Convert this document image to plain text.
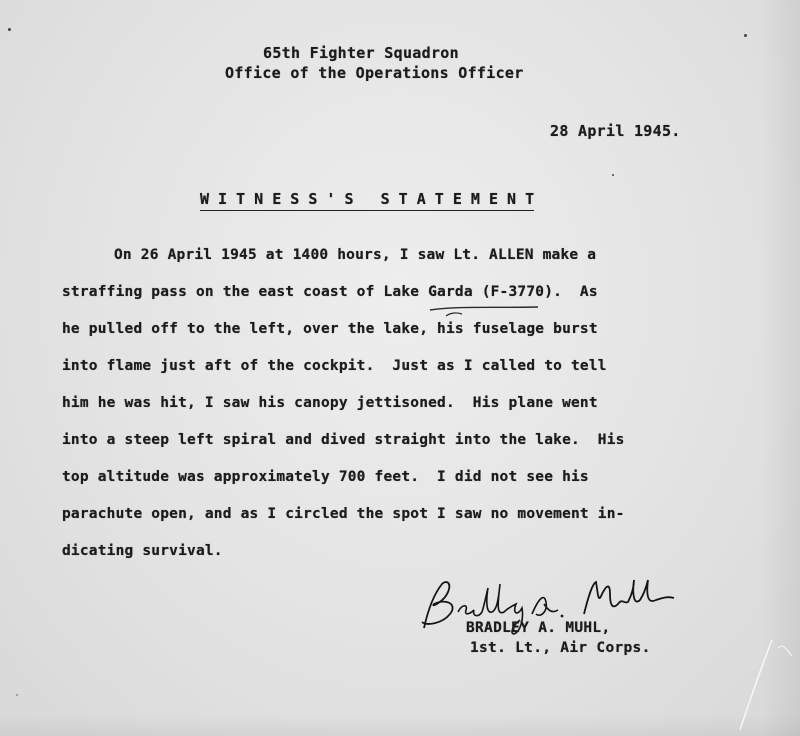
65th Fighter Squadron
Office of the Operations Officer
28 April 1945.
W I T N E S S ' S   S T A T E M E N T
On 26 April 1945 at 1400 hours, I saw Lt. ALLEN make a
straffing pass on the east coast of Lake Garda (F-3770).  As
he pulled off to the left, over the lake, his fuselage burst
into flame just aft of the cockpit.  Just as I called to tell
him he was hit, I saw his canopy jettisoned.  His plane went
into a steep left spiral and dived straight into the lake.  His
top altitude was approximately 700 feet.  I did not see his
parachute open, and as I circled the spot I saw no movement in-
dicating survival.
BRADLEY A. MUHL,
1st. Lt., Air Corps.
